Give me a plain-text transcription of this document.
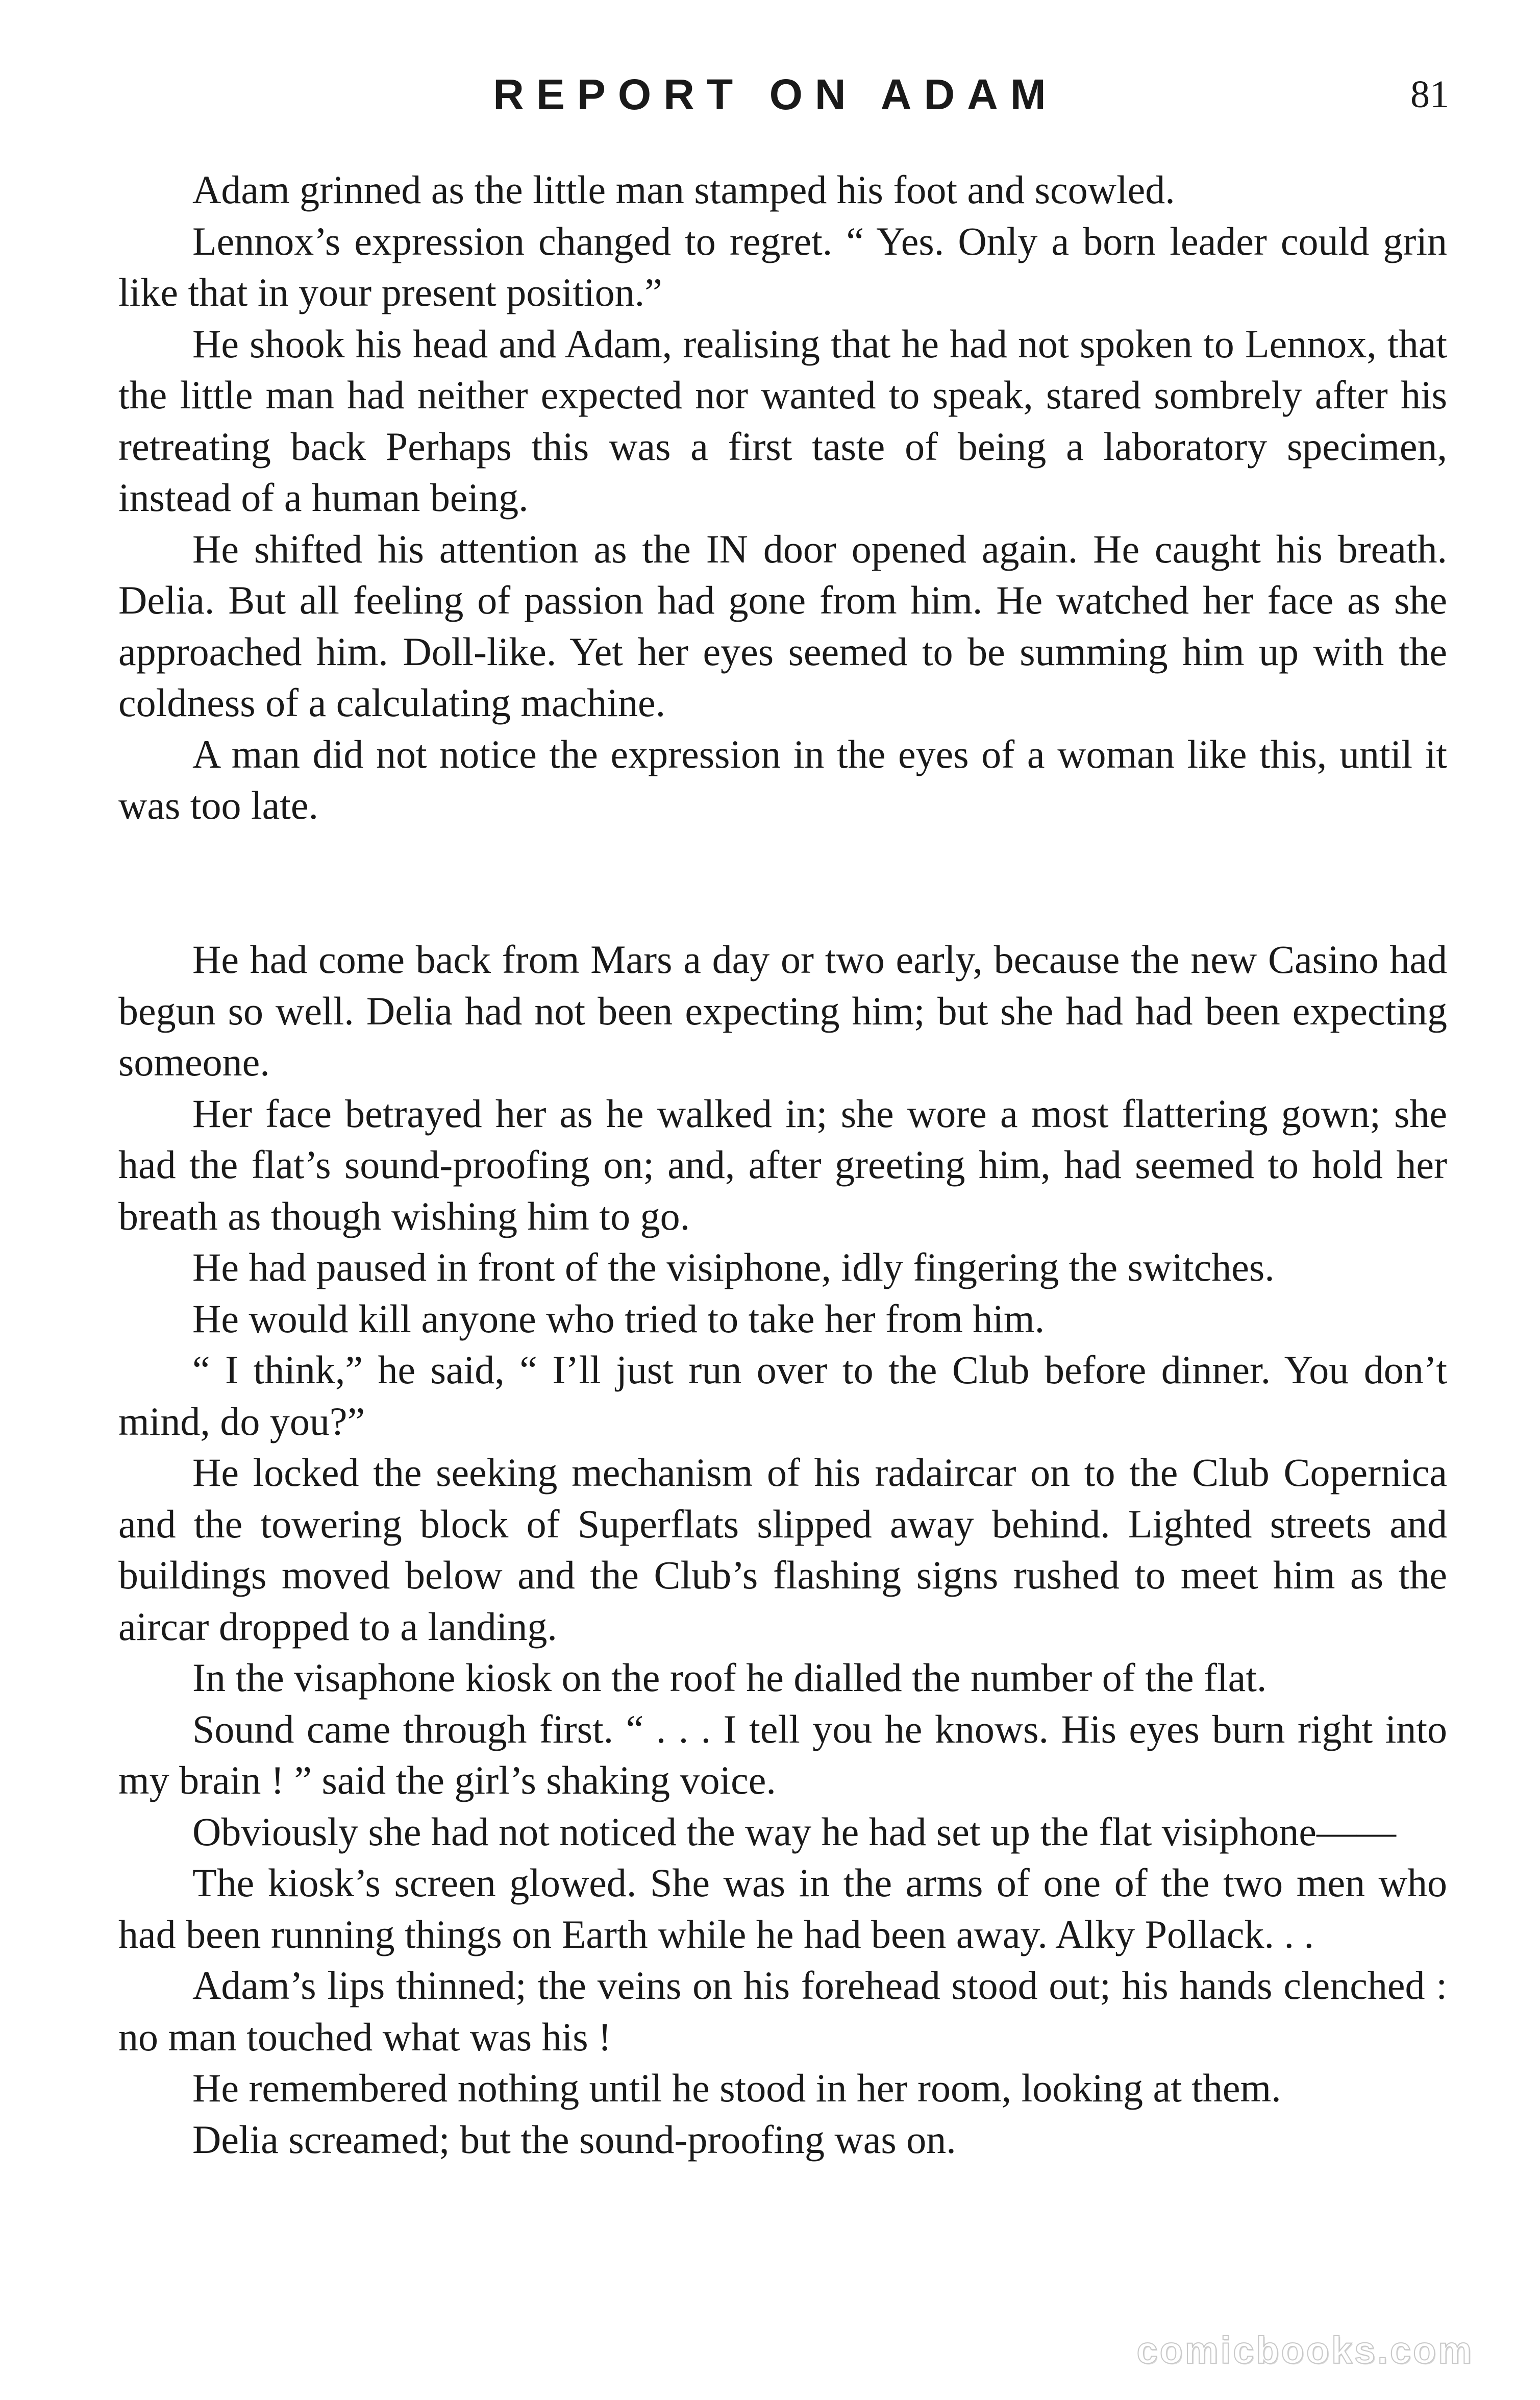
REPORT ON ADAM	81

Adam grinned as the little man stamped his foot and scowled.

Lennox’s expression changed to regret. “ Yes. Only a born leader could grin like that in your present position.”

He shook his head and Adam, realising that he had not spoken to Lennox, that the little man had neither expected nor wanted to speak, stared sombrely after his retreating back Perhaps this was a first taste of being a laboratory specimen, instead of a human being.

He shifted his attention as the IN door opened again. He caught his breath. Delia. But all feeling of passion had gone from him. He watched her face as she approached him. Doll-like. Yet her eyes seemed to be summing him up with the coldness of a calculating machine.

A man did not notice the expression in the eyes of a woman like this, until it was too late.

He had come back from Mars a day or two early, because the new Casino had begun so well. Delia had not been expecting him; but she had had been expecting someone.

Her face betrayed her as he walked in; she wore a most flattering gown; she had the flat’s sound-proofing on; and, after greeting him, had seemed to hold her breath as though wishing him to go.

He had paused in front of the visiphone, idly fingering the switches.

He would kill anyone who tried to take her from him.

“ I think,” he said, “ I’ll just run over to the Club before dinner. You don’t mind, do you?”

He locked the seeking mechanism of his radaircar on to the Club Copernica and the towering block of Superflats slipped away behind. Lighted streets and buildings moved below and the Club’s flashing signs rushed to meet him as the aircar dropped to a landing.

In the visaphone kiosk on the roof he dialled the number of the flat.

Sound came through first. “ . . . I tell you he knows. His eyes burn right into my brain ! ” said the girl’s shaking voice.

Obviously she had not noticed the way he had set up the flat visiphone——

The kiosk’s screen glowed. She was in the arms of one of the two men who had been running things on Earth while he had been away. Alky Pollack. . .

Adam’s lips thinned; the veins on his forehead stood out; his hands clenched : no man touched what was his !

He remembered nothing until he stood in her room, looking at them.

Delia screamed; but the sound-proofing was on.

comicbooks.com
